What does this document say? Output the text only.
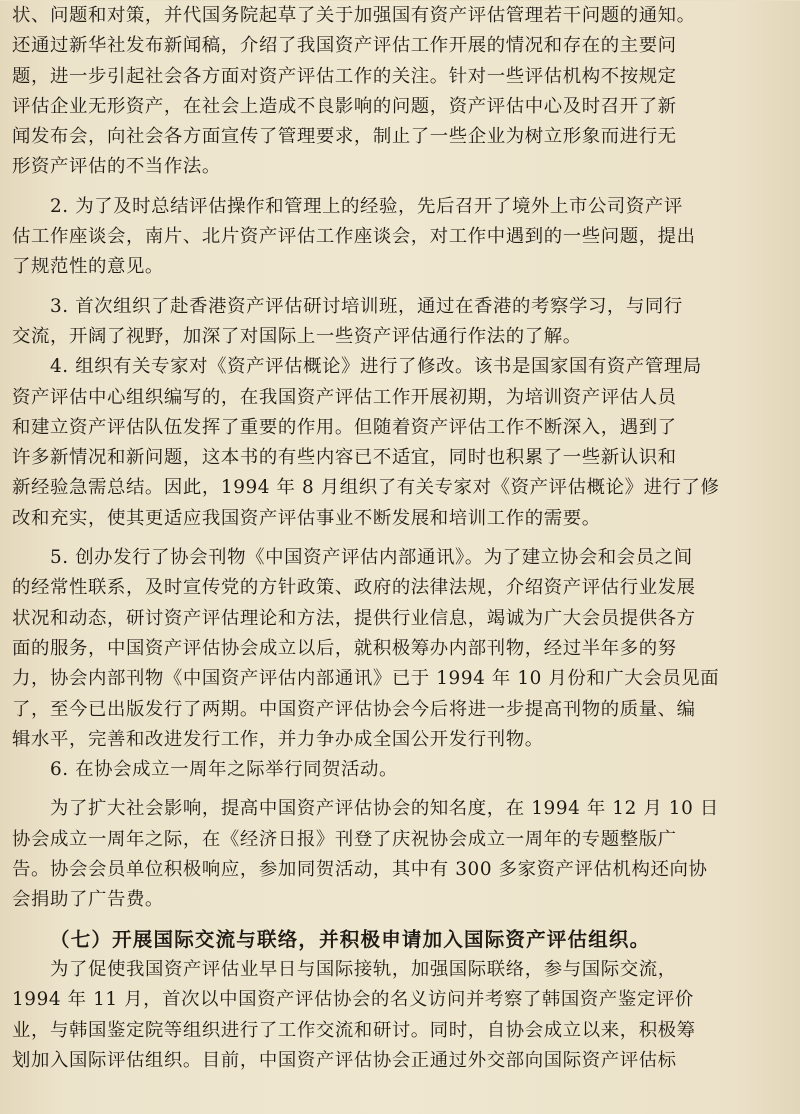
状、问题和对策，并代国务院起草了关于加强国有资产评估管理若干问题的通知。
还通过新华社发布新闻稿，介绍了我国资产评估工作开展的情况和存在的主要问
题，进一步引起社会各方面对资产评估工作的关注。针对一些评估机构不按规定
评估企业无形资产，在社会上造成不良影响的问题，资产评估中心及时召开了新
闻发布会，向社会各方面宣传了管理要求，制止了一些企业为树立形象而进行无
形资产评估的不当作法。
2. 为了及时总结评估操作和管理上的经验，先后召开了境外上市公司资产评
估工作座谈会，南片、北片资产评估工作座谈会，对工作中遇到的一些问题，提出
了规范性的意见。
3. 首次组织了赴香港资产评估研讨培训班，通过在香港的考察学习，与同行
交流，开阔了视野，加深了对国际上一些资产评估通行作法的了解。
4. 组织有关专家对《资产评估概论》进行了修改。该书是国家国有资产管理局
资产评估中心组织编写的，在我国资产评估工作开展初期，为培训资产评估人员
和建立资产评估队伍发挥了重要的作用。但随着资产评估工作不断深入，遇到了
许多新情况和新问题，这本书的有些内容已不适宜，同时也积累了一些新认识和
新经验急需总结。因此，1994 年 8 月组织了有关专家对《资产评估概论》进行了修
改和充实，使其更适应我国资产评估事业不断发展和培训工作的需要。
5. 创办发行了协会刊物《中国资产评估内部通讯》。为了建立协会和会员之间
的经常性联系，及时宣传党的方针政策、政府的法律法规，介绍资产评估行业发展
状况和动态，研讨资产评估理论和方法，提供行业信息，竭诚为广大会员提供各方
面的服务，中国资产评估协会成立以后，就积极筹办内部刊物，经过半年多的努
力，协会内部刊物《中国资产评估内部通讯》已于 1994 年 10 月份和广大会员见面
了，至今已出版发行了两期。中国资产评估协会今后将进一步提高刊物的质量、编
辑水平，完善和改进发行工作，并力争办成全国公开发行刊物。
6. 在协会成立一周年之际举行同贺活动。
为了扩大社会影响，提高中国资产评估协会的知名度，在 1994 年 12 月 10 日
协会成立一周年之际，在《经济日报》刊登了庆祝协会成立一周年的专题整版广
告。协会会员单位积极响应，参加同贺活动，其中有 300 多家资产评估机构还向协
会捐助了广告费。
（七）开展国际交流与联络，并积极申请加入国际资产评估组织。
为了促使我国资产评估业早日与国际接轨，加强国际联络，参与国际交流，
1994 年 11 月，首次以中国资产评估协会的名义访问并考察了韩国资产鉴定评价
业，与韩国鉴定院等组织进行了工作交流和研讨。同时，自协会成立以来，积极筹
划加入国际评估组织。目前，中国资产评估协会正通过外交部向国际资产评估标
